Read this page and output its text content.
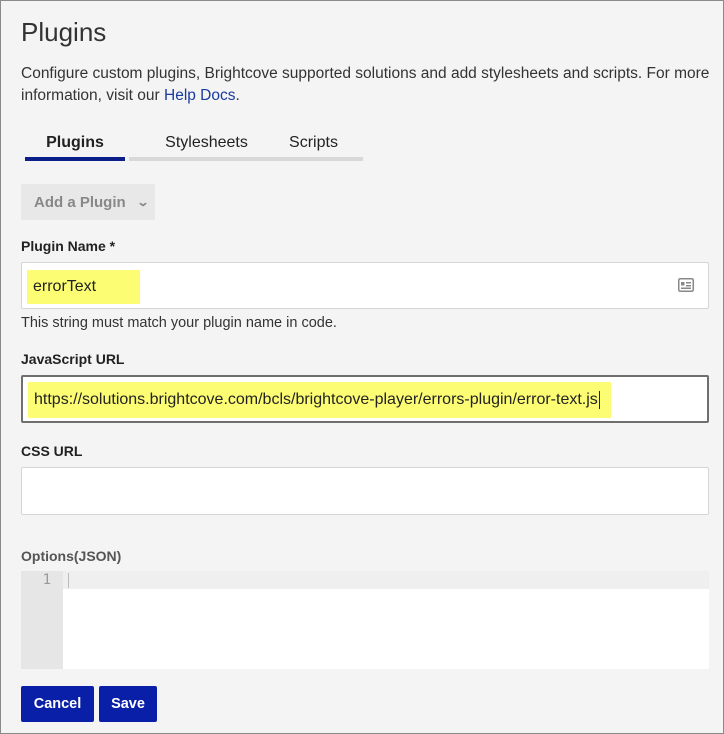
Plugins
Configure custom plugins, Brightcove supported solutions and add stylesheets and scripts. For more information, visit our Help Docs.
Plugins	Stylesheets	Scripts
Add a Plugin ⌄
Plugin Name *
errorText
This string must match your plugin name in code.
JavaScript URL
https://solutions.brightcove.com/bcls/brightcove-player/errors-plugin/error-text.js
CSS URL
Options(JSON)
1
Cancel	Save
